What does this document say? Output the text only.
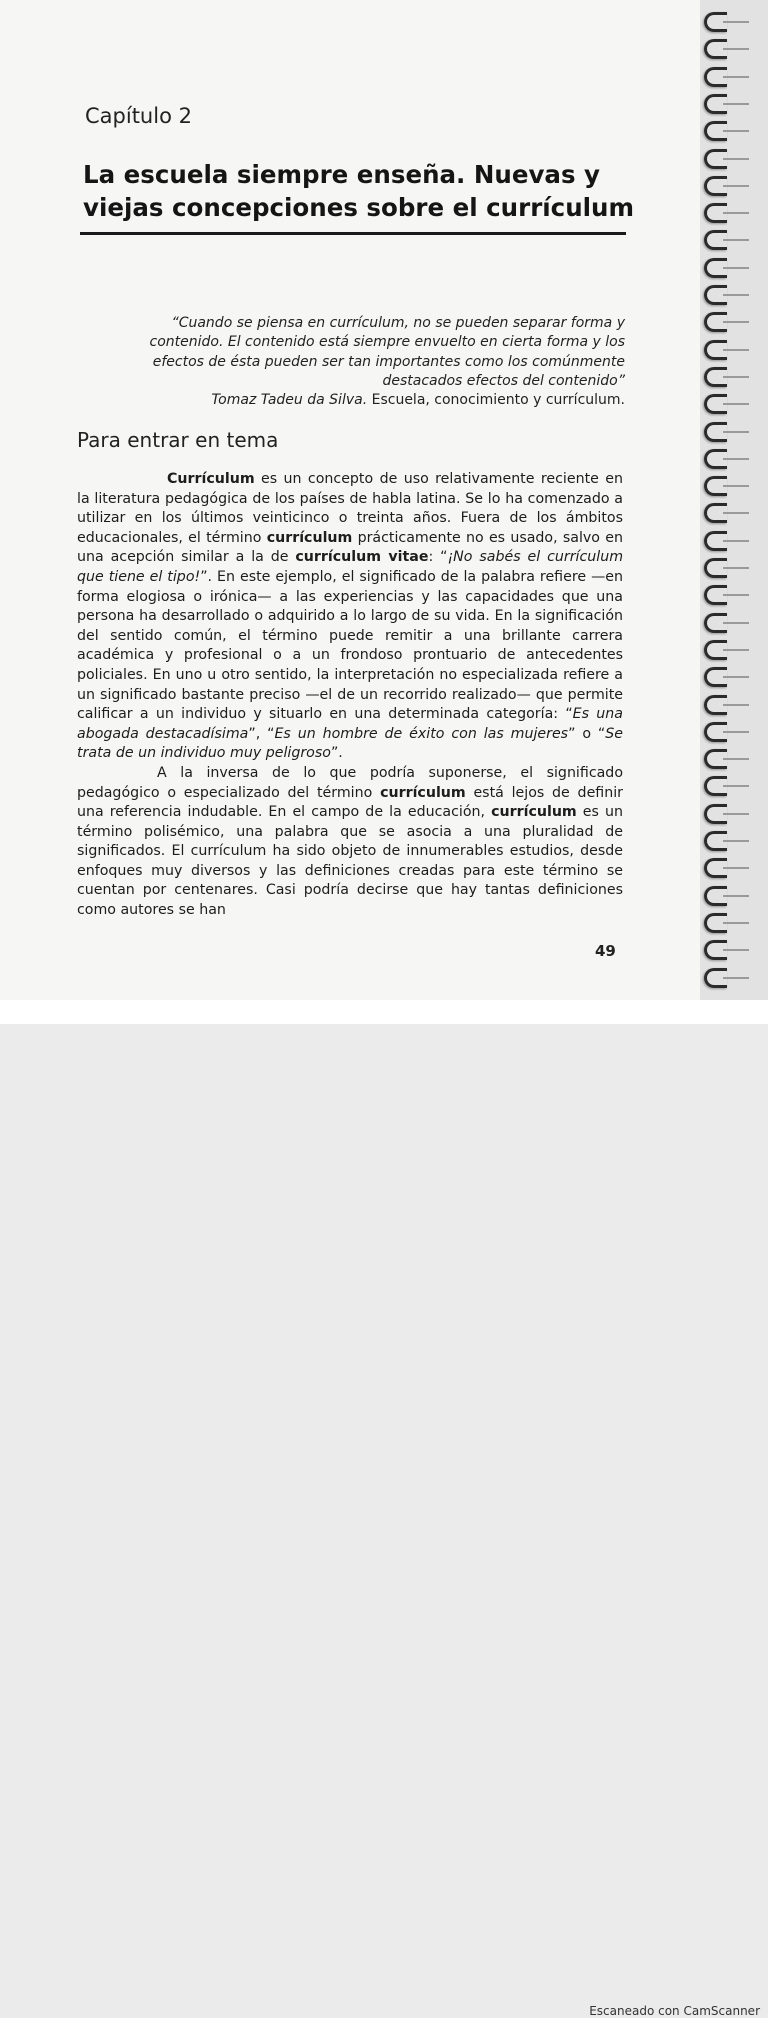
Capítulo 2
La escuela siempre enseña. Nuevas y viejas concepciones sobre el currículum
“Cuando se piensa en currículum, no se pueden separar forma y contenido. El contenido está siempre envuelto en cierta forma y los efectos de ésta pueden ser tan importantes como los comúnmente destacados efectos del contenido”
Tomaz Tadeu da Silva. Escuela, conocimiento y currículum.
Para entrar en tema

Currículum es un concepto de uso relativamente reciente en la literatura pedagógica de los países de habla latina. Se lo ha comenzado a utilizar en los últimos veinticinco o treinta años. Fuera de los ámbitos educacionales, el término currículum prácticamente no es usado, salvo en una acepción similar a la de currículum vitae: “¡No sabés el currículum que tiene el tipo!”. En este ejemplo, el significado de la palabra refiere —en forma elogiosa o irónica— a las experiencias y las capacidades que una persona ha desarrollado o adquirido a lo largo de su vida. En la significación del sentido común, el término puede remitir a una brillante carrera académica y profesional o a un frondoso prontuario de antecedentes policiales. En uno u otro sentido, la interpretación no especializada refiere a un significado bastante preciso —el de un recorrido realizado— que permite calificar a un individuo y situarlo en una determinada categoría: “Es una abogada destacadísima”, “Es un hombre de éxito con las mujeres” o “Se trata de un individuo muy peligroso”.

A la inversa de lo que podría suponerse, el significado pedagógico o especializado del término currículum está lejos de definir una referencia indudable. En el campo de la educación, currículum es un término polisémico, una palabra que se asocia a una pluralidad de significados. El currículum ha sido objeto de innumerables estudios, desde enfoques muy diversos y las definiciones creadas para este término se cuentan por centenares. Casi podría decirse que hay tantas definiciones como autores se han

49
Escaneado con CamScanner
